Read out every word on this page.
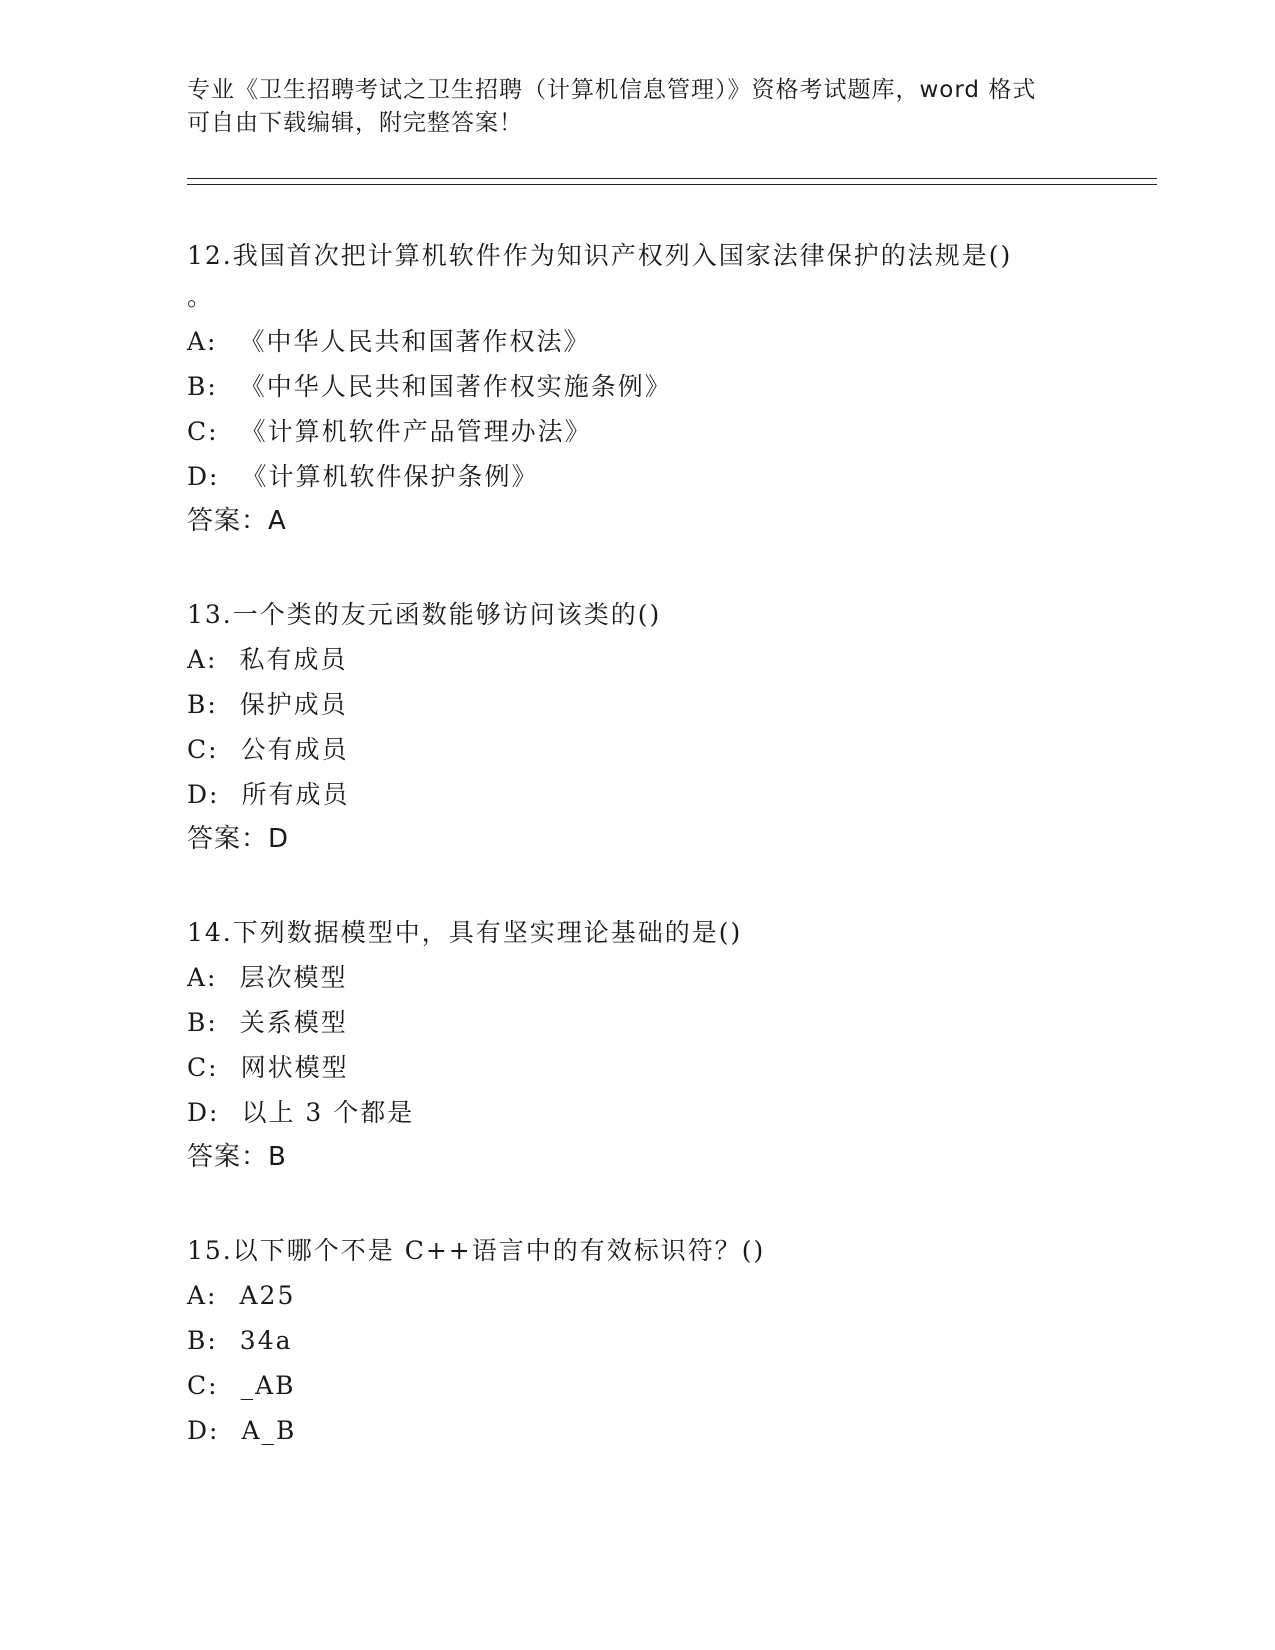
专业《卫生招聘考试之卫生招聘（计算机信息管理）》资格考试题库，word 格式
可自由下载编辑，附完整答案！
12.我国首次把计算机软件作为知识产权列入国家法律保护的法规是()
。
A: 《中华人民共和国著作权法》
B: 《中华人民共和国著作权实施条例》
C: 《计算机软件产品管理办法》
D: 《计算机软件保护条例》
答案：A
13.一个类的友元函数能够访问该类的()
A: 私有成员
B: 保护成员
C: 公有成员
D: 所有成员
答案：D
14.下列数据模型中，具有坚实理论基础的是()
A: 层次模型
B: 关系模型
C: 网状模型
D: 以上 3 个都是
答案：B
15.以下哪个不是 C++语言中的有效标识符？()
A: A25
B: 34a
C: _AB
D: A_B
